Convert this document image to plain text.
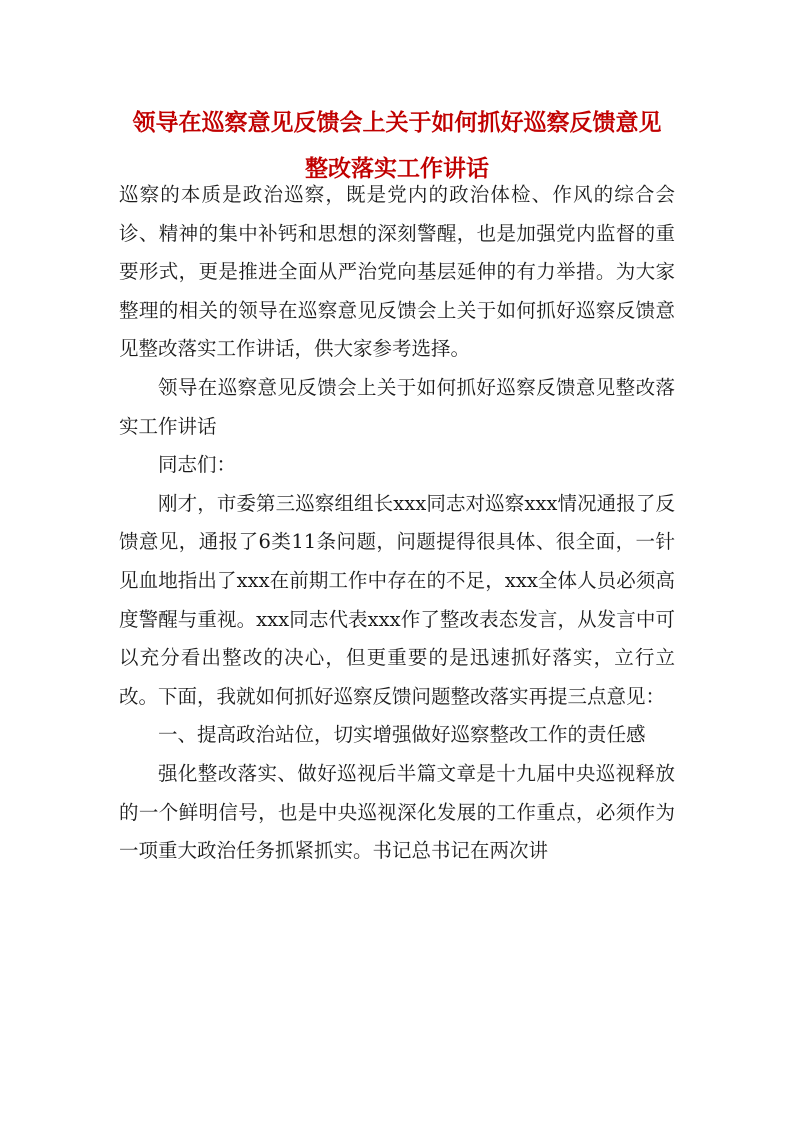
领导在巡察意见反馈会上关于如何抓好巡察反馈意见
整改落实工作讲话

巡察的本质是政治巡察，既是党内的政治体检、作风的综合会诊、精神的集中补钙和思想的深刻警醒，也是加强党内监督的重要形式，更是推进全面从严治党向基层延伸的有力举措。为大家整理的相关的领导在巡察意见反馈会上关于如何抓好巡察反馈意见整改落实工作讲话，供大家参考选择。

领导在巡察意见反馈会上关于如何抓好巡察反馈意见整改落实工作讲话

同志们：

刚才，市委第三巡察组组长xxx同志对巡察xxx情况通报了反馈意见，通报了6类11条问题，问题提得很具体、很全面，一针见血地指出了xxx在前期工作中存在的不足，xxx全体人员必须高度警醒与重视。xxx同志代表xxx作了整改表态发言，从发言中可以充分看出整改的决心，但更重要的是迅速抓好落实，立行立改。下面，我就如何抓好巡察反馈问题整改落实再提三点意见：

一、提高政治站位，切实增强做好巡察整改工作的责任感

强化整改落实、做好巡视后半篇文章是十九届中央巡视释放的一个鲜明信号，也是中央巡视深化发展的工作重点，必须作为一项重大政治任务抓紧抓实。书记总书记在两次讲
